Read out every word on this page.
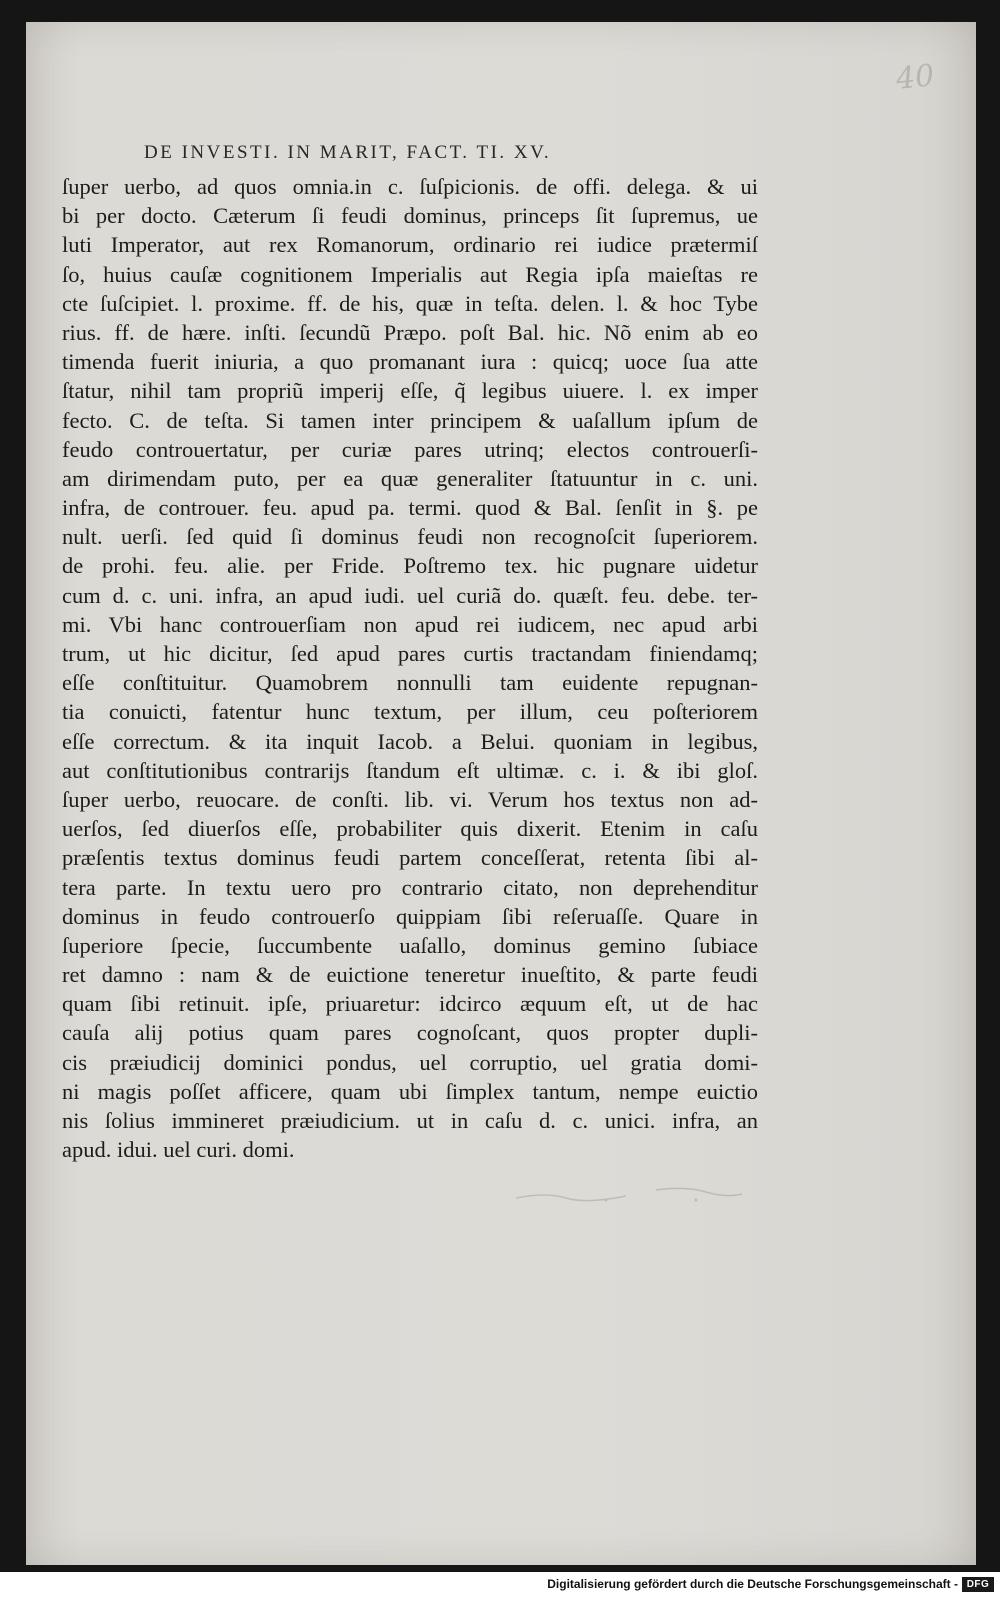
40
DE INVESTI. IN MARIT, FACT. TI. XV.
ſuper uerbo, ad quos omnia.in c. ſuſpicionis. de offi. delega. & ui
bi per docto. Cæterum ſi feudi dominus, princeps ſit ſupremus, ue
luti Imperator, aut rex Romanorum, ordinario rei iudice prætermiſ
ſo, huius cauſæ cognitionem Imperialis aut Regia ipſa maieſtas re
cte ſuſcipiet. l. proxime. ff. de his, quæ in teſta. delen. l. & hoc Tybe
rius. ff. de hære. inſti. ſecundũ Præpo. poſt Bal. hic. Nõ enim ab eo
timenda fuerit iniuria, a quo promanant iura : quicq; uoce ſua atte
ſtatur, nihil tam propriũ imperij eſſe, q̃ legibus uiuere. l. ex imper
fecto. C. de teſta. Si tamen inter principem & uaſallum ipſum de
feudo controuertatur, per curiæ pares utrinq; electos controuerſi-
am dirimendam puto, per ea quæ generaliter ſtatuuntur in c. uni.
infra, de controuer. feu. apud pa. termi. quod & Bal. ſenſit in §. pe
nult. uerſi. ſed quid ſi dominus feudi non recognoſcit ſuperiorem.
de prohi. feu. alie. per Fride. Poſtremo tex. hic pugnare uidetur
cum d. c. uni. infra, an apud iudi. uel curiã do. quæſt. feu. debe. ter-
mi. Vbi hanc controuerſiam non apud rei iudicem, nec apud arbi
trum, ut hic dicitur, ſed apud pares curtis tractandam finiendamq;
eſſe conſtituitur. Quamobrem nonnulli tam euidente repugnan-
tia conuicti, fatentur hunc textum, per illum, ceu poſteriorem
eſſe correctum. & ita inquit Iacob. a Belui. quoniam in legibus,
aut conſtitutionibus contrarijs ſtandum eſt ultimæ. c. i. & ibi gloſ.
ſuper uerbo, reuocare. de conſti. lib. vi. Verum hos textus non ad-
uerſos, ſed diuerſos eſſe, probabiliter quis dixerit. Etenim in caſu
præſentis textus dominus feudi partem conceſſerat, retenta ſibi al-
tera parte. In textu uero pro contrario citato, non deprehenditur
dominus in feudo controuerſo quippiam ſibi reſeruaſſe. Quare in
ſuperiore ſpecie, ſuccumbente uaſallo, dominus gemino ſubiace
ret damno : nam & de euictione teneretur inueſtito, & parte feudi
quam ſibi retinuit. ipſe, priuaretur: idcirco æquum eſt, ut de hac
cauſa alij potius quam pares cognoſcant, quos propter dupli-
cis præiudicij dominici pondus, uel corruptio, uel gratia domi-
ni magis poſſet afficere, quam ubi ſimplex tantum, nempe euictio
nis ſolius immineret præiudicium. ut in caſu d. c. unici. infra, an
apud. idui. uel curi. domi.
Digitalisierung gefördert durch die Deutsche Forschungsgemeinschaft - DFG
